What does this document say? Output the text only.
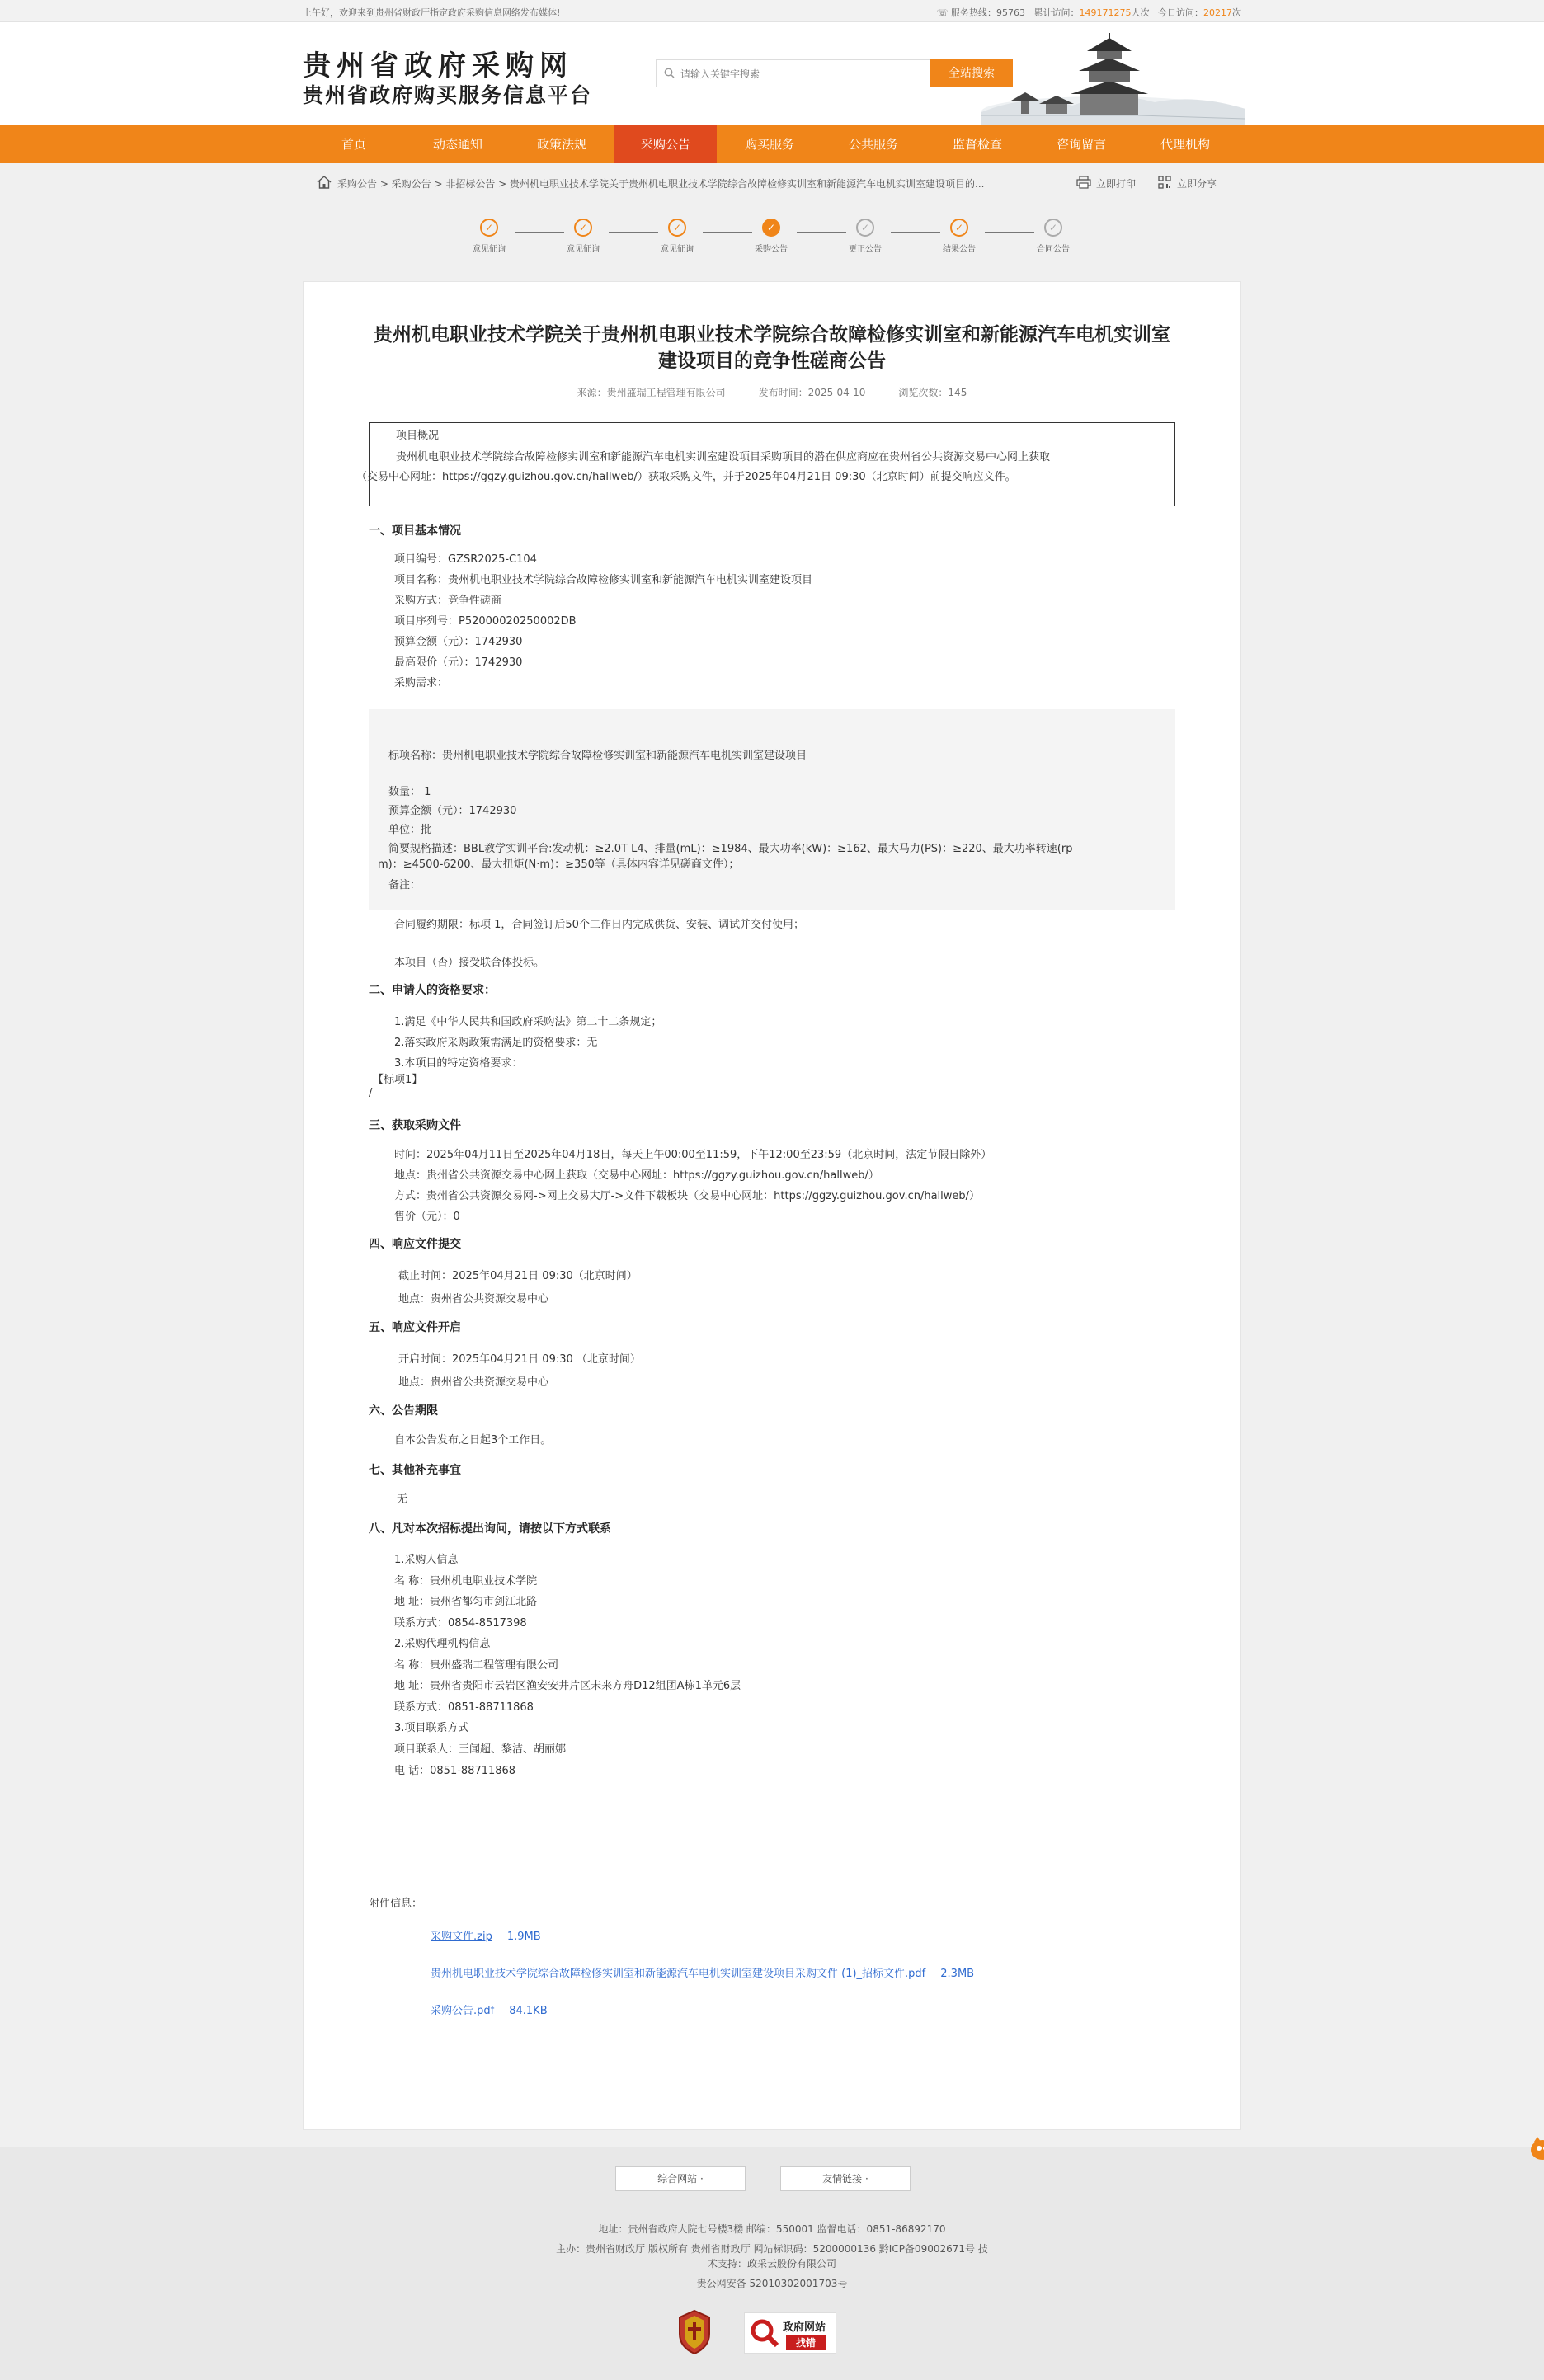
上午好，欢迎来到贵州省财政厅指定政府采购信息网络发布媒体!	☏ 服务热线：95763 累计访问：149171275人次 今日访问：20217次
贵州省政府采购网
贵州省政府购买服务信息平台
请输入关键字搜索
全站搜索
首页	动态通知	政策法规	采购公告	购买服务	公共服务	监督检查	咨询留言	代理机构
采购公告 > 采购公告 > 非招标公告 > 贵州机电职业技术学院关于贵州机电职业技术学院综合故障检修实训室和新能源汽车电机实训室建设项目的...	立即打印	立即分享
✓
意见征询
✓
意见征询
✓
意见征询
✓
采购公告
✓
更正公告
✓
结果公告
✓
合同公告
贵州机电职业技术学院关于贵州机电职业技术学院综合故障检修实训室和新能源汽车电机实训室
建设项目的竞争性磋商公告
来源：贵州盛瑞工程管理有限公司	发布时间：2025-04-10	浏览次数：145
项目概况
贵州机电职业技术学院综合故障检修实训室和新能源汽车电机实训室建设项目采购项目的潜在供应商应在贵州省公共资源交易中心网上获取
（交易中心网址：https://ggzy.guizhou.gov.cn/hallweb/）获取采购文件，并于2025年04月21日 09:30（北京时间）前提交响应文件。
一、项目基本情况
项目编号：GZSR2025-C104
项目名称：贵州机电职业技术学院综合故障检修实训室和新能源汽车电机实训室建设项目
采购方式：竞争性磋商
项目序列号：P52000020250002DB
预算金额（元）：1742930
最高限价（元）：1742930
采购需求：
标项名称：贵州机电职业技术学院综合故障检修实训室和新能源汽车电机实训室建设项目
数量： 1
预算金额（元）：1742930
单位：批
简要规格描述：BBL教学实训平台:发动机：≥2.0T L4、排量(mL)：≥1984、最大功率(kW)：≥162、最大马力(PS)：≥220、最大功率转速(rp
m)：≥4500-6200、最大扭矩(N·m)：≥350等（具体内容详见磋商文件）；
备注：
合同履约期限：标项 1，合同签订后50个工作日内完成供货、安装、调试并交付使用；
本项目（否）接受联合体投标。
二、申请人的资格要求：
1.满足《中华人民共和国政府采购法》第二十二条规定；
2.落实政府采购政策需满足的资格要求：无
3.本项目的特定资格要求：
【标项1】
/
三、获取采购文件
时间：2025年04月11日至2025年04月18日，每天上午00:00至11:59，下午12:00至23:59（北京时间，法定节假日除外）
地点：贵州省公共资源交易中心网上获取（交易中心网址：https://ggzy.guizhou.gov.cn/hallweb/）
方式：贵州省公共资源交易网->网上交易大厅->文件下载板块（交易中心网址：https://ggzy.guizhou.gov.cn/hallweb/）
售价（元）：0
四、响应文件提交
截止时间：2025年04月21日 09:30（北京时间）
地点：贵州省公共资源交易中心
五、响应文件开启
开启时间：2025年04月21日 09:30 （北京时间）
地点：贵州省公共资源交易中心
六、公告期限
自本公告发布之日起3个工作日。
七、其他补充事宜
无
八、凡对本次招标提出询问，请按以下方式联系
1.采购人信息
名 称：贵州机电职业技术学院
地 址：贵州省都匀市剑江北路
联系方式：0854-8517398
2.采购代理机构信息
名 称：贵州盛瑞工程管理有限公司
地 址：贵州省贵阳市云岩区渔安安井片区未来方舟D12组团A栋1单元6层
联系方式：0851-88711868
3.项目联系方式
项目联系人：王闻超、黎洁、胡丽娜
电 话：0851-88711868
附件信息：
采购文件.zip 1.9MB
贵州机电职业技术学院综合故障检修实训室和新能源汽车电机实训室建设项目采购文件 (1)_招标文件.pdf 2.3MB
采购公告.pdf 84.1KB
综合网站 ·	友情链接 ·
地址：贵州省政府大院七号楼3楼 邮编：550001 监督电话：0851-86892170
主办：贵州省财政厅 版权所有 贵州省财政厅 网站标识码：5200000136 黔ICP备09002671号 技
术支持：政采云股份有限公司
贵公网安备 52010302001703号
政府网站
找错
